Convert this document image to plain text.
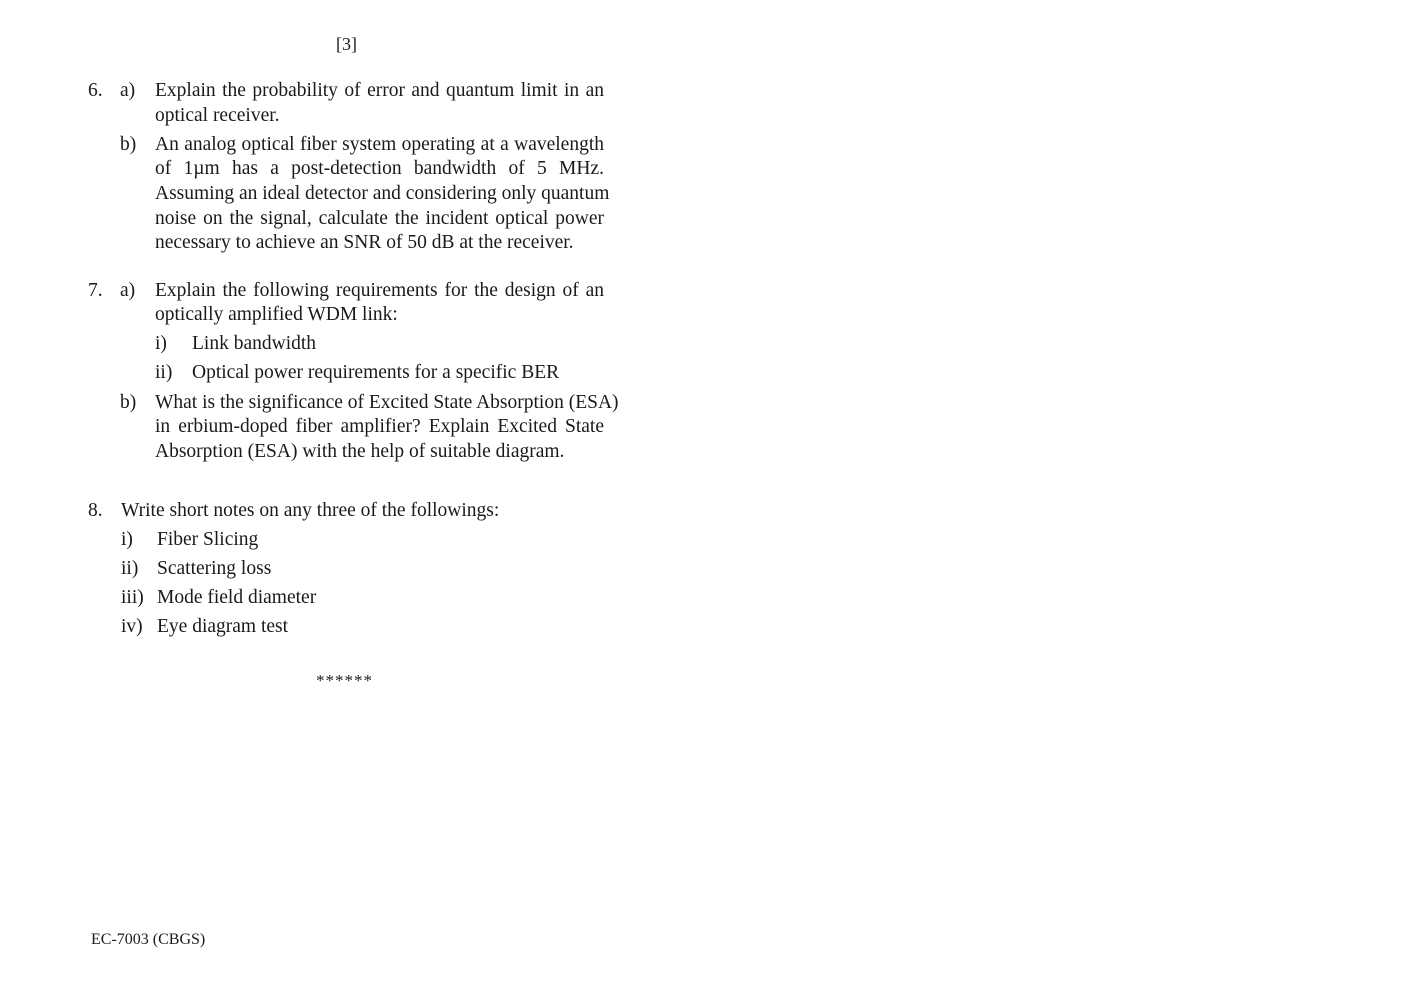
[3]
6. a) Explain the probability of error and quantum limit in an
optical receiver.
b) An analog optical fiber system operating at a wavelength
of 1µm has a post-detection bandwidth of 5 MHz.
Assuming an ideal detector and considering only quantum
noise on the signal, calculate the incident optical power
necessary to achieve an SNR of 50 dB at the receiver.
7. a) Explain the following requirements for the design of an
optically amplified WDM link:
i) Link bandwidth
ii) Optical power requirements for a specific BER
b) What is the significance of Excited State Absorption (ESA)
in erbium-doped fiber amplifier? Explain Excited State
Absorption (ESA) with the help of suitable diagram.
8. Write short notes on any three of the followings:
i) Fiber Slicing
ii) Scattering loss
iii) Mode field diameter
iv) Eye diagram test
******
EC-7003 (CBGS)
